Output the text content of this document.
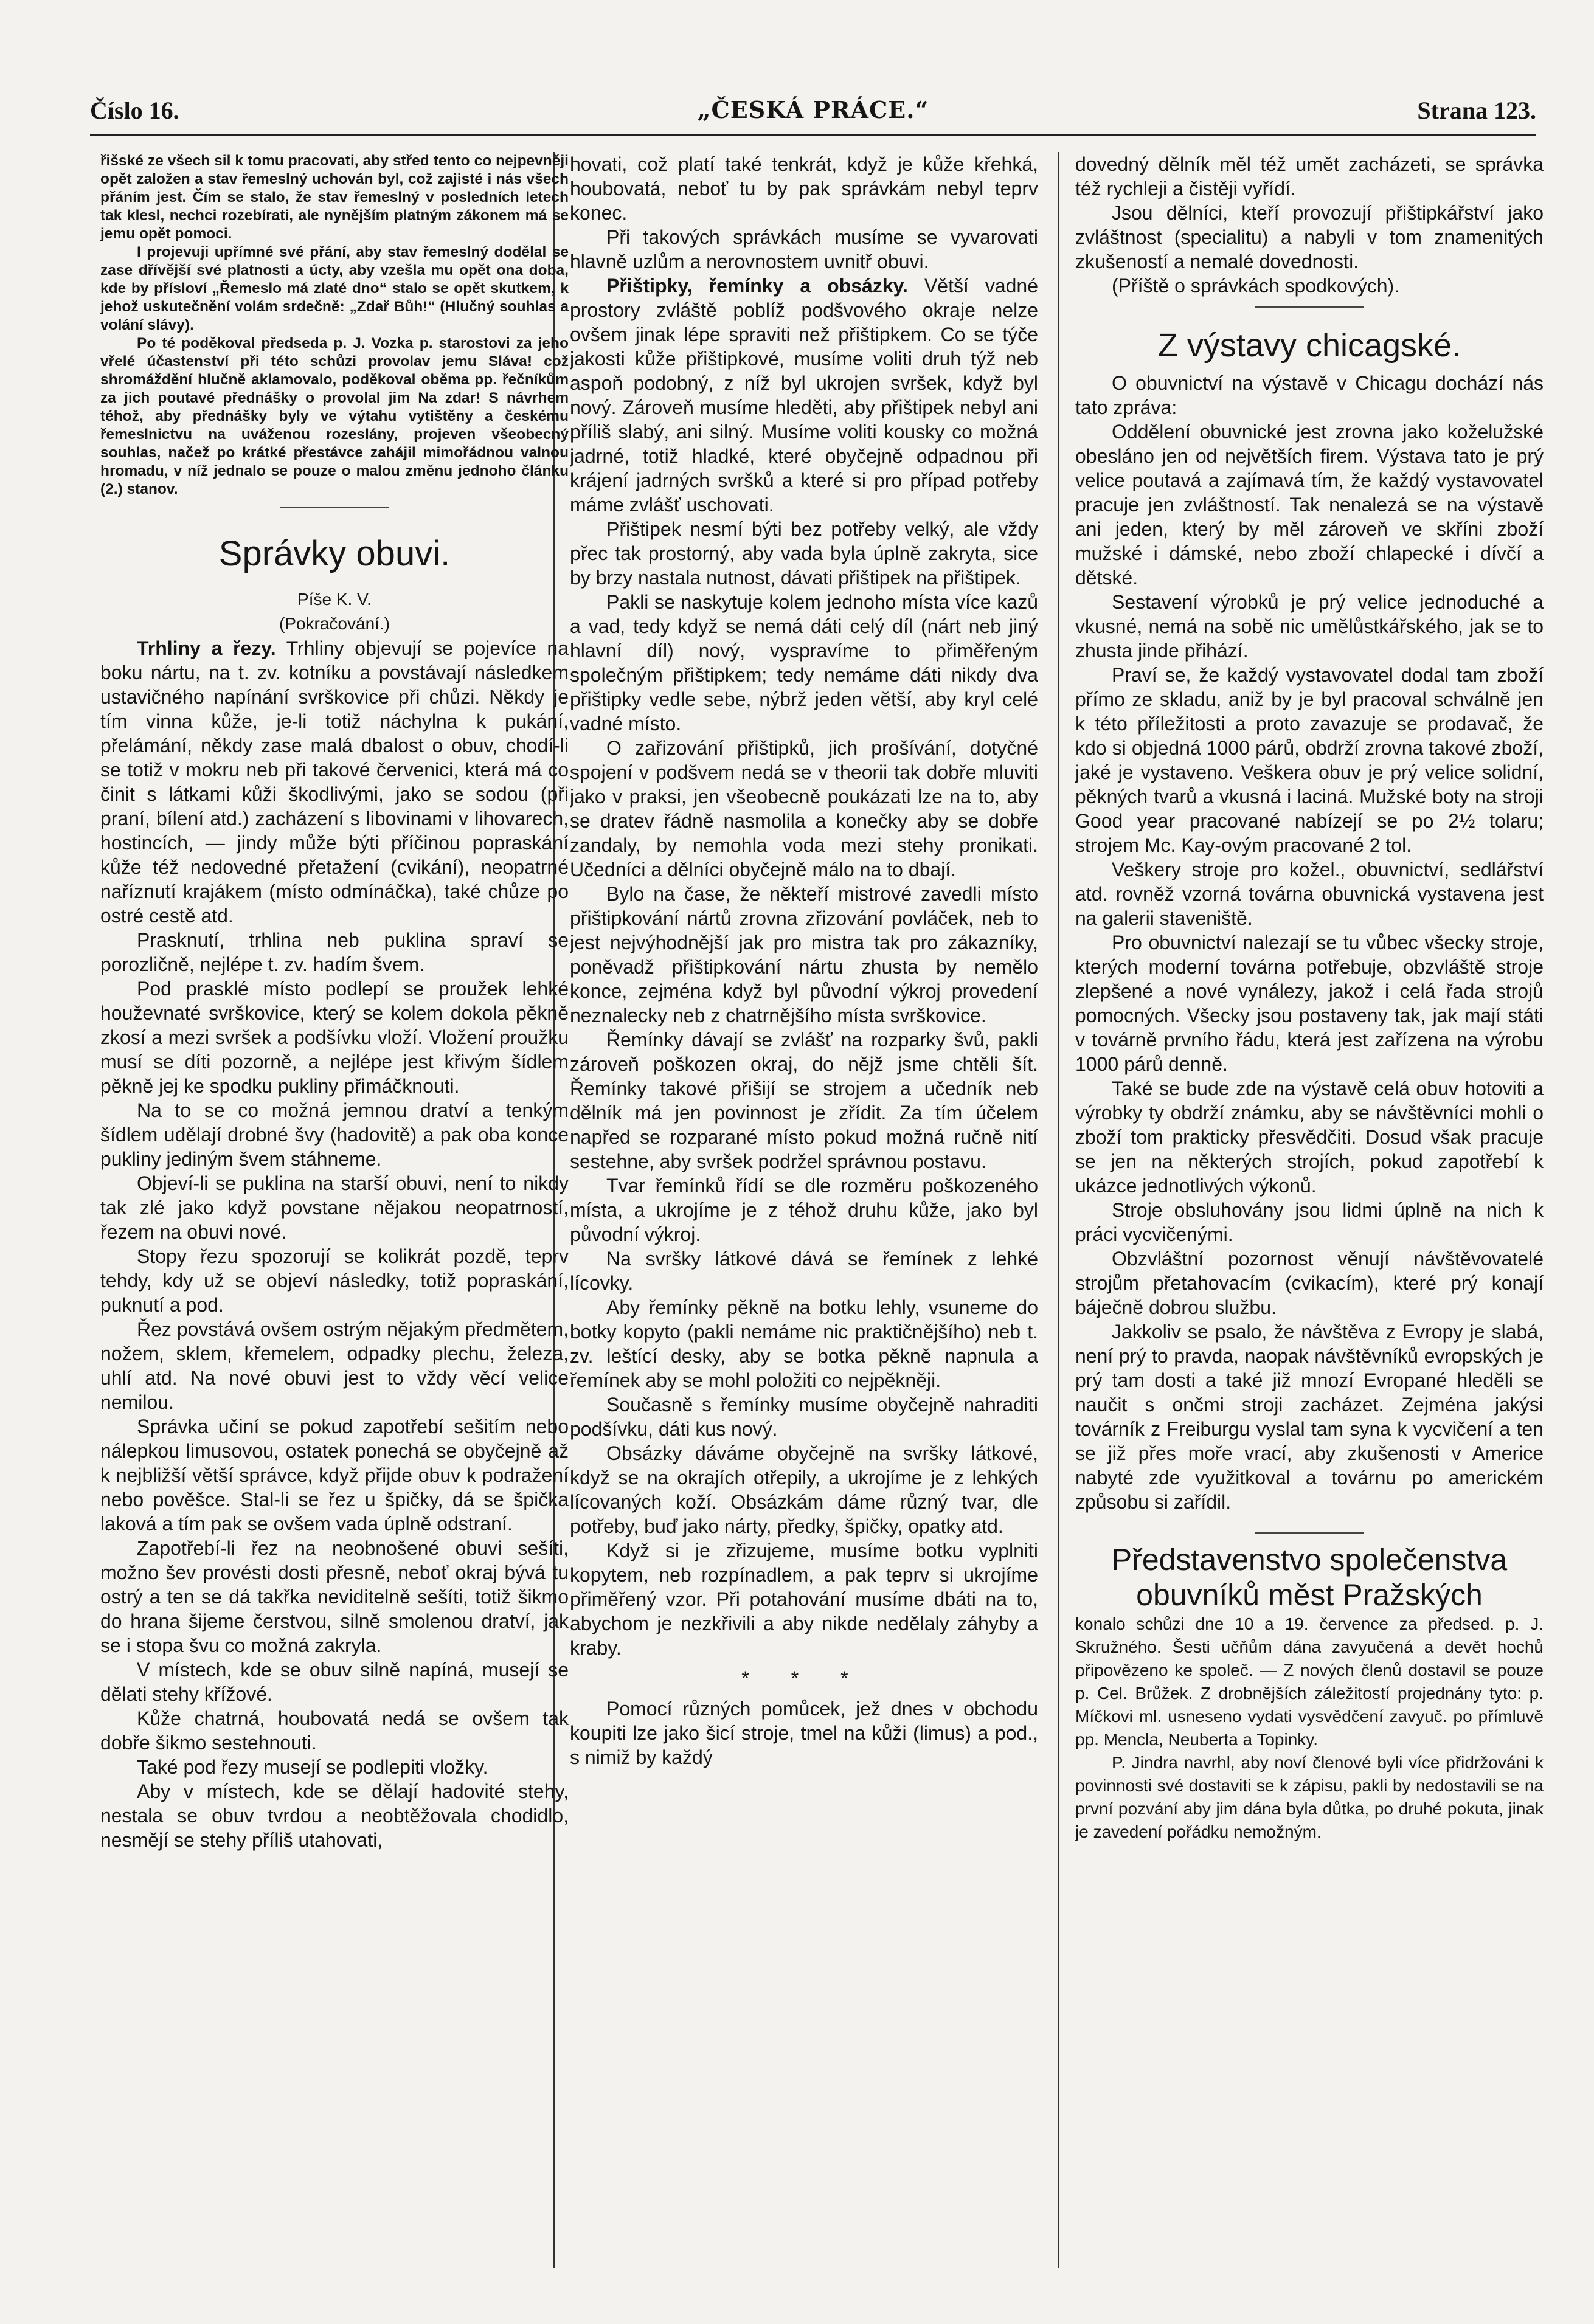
Číslo 16.	„ČESKÁ PRÁCE.“	Strana 123.

řišské ze všech sil k tomu pracovati, aby střed tento co nejpevněji opět založen a stav řemeslný uchován byl, což zajisté i nás všech přáním jest. Čím se stalo, že stav řemeslný v posledních letech tak klesl, nechci rozebírati, ale nynějším platným zákonem má se jemu opět pomoci.

I projevuji upřímné své přání, aby stav řemeslný dodělal se zase dřívější své platnosti a úcty, aby vzešla mu opět ona doba, kde by přísloví „Řemeslo má zlaté dno“ stalo se opět skutkem, k jehož uskutečnění volám srdečně: „Zdař Bůh!“ (Hlučný souhlas a volání slávy).

Po té poděkoval předseda p. J. Vozka p. starostovi za jeho vřelé účastenství při této schůzi provolav jemu Sláva! což shromáždění hlučně aklamovalo, poděkoval oběma pp. řečníkům za jich poutavé přednášky o provolal jim Na zdar! S návrhem téhož, aby přednášky byly ve výtahu vytištěny a českému řemeslnictvu na uváženou rozeslány, projeven všeobecný souhlas, načež po krátké přestávce zahájil mimořádnou valnou hromadu, v níž jednalo se pouze o malou změnu jednoho článku (2.) stanov.

Správky obuvi.
Píše K. V.
(Pokračování.)

Trhliny a řezy. Trhliny objevují se pojevíce na boku nártu, na t. zv. kotníku a povstávají následkem ustavičného napínání svrškovice při chůzi. Někdy je tím vinna kůže, je-li totiž náchylna k pukání, přelámání, někdy zase malá dbalost o obuv, chodí-li se totiž v mokru neb při takové červenici, která má co činit s látkami kůži škodlivými, jako se sodou (při praní, bílení atd.) zacházení s libovinami v lihovarech, hostincích, — jindy může býti příčinou popraskání kůže též nedovedné přetažení (cvikání), neopatrné naříznutí krajákem (místo odmínáčka), také chůze po ostré cestě atd.

Prasknutí, trhlina neb puklina spraví se porozličně, nejlépe t. zv. hadím švem.

Pod prasklé místo podlepí se proužek lehké houževnaté svrškovice, který se kolem dokola pěkně zkosí a mezi svršek a podšívku vloží. Vložení proužku musí se díti pozorně, a nejlépe jest křivým šídlem pěkně jej ke spodku pukliny přimáčknouti.

Na to se co možná jemnou dratví a tenkým šídlem udělají drobné švy (hadovitě) a pak oba konce pukliny jediným švem stáhneme.

Objeví-li se puklina na starší obuvi, není to nikdy tak zlé jako když povstane nějakou neopatrností, řezem na obuvi nové.

Stopy řezu spozorují se kolikrát pozdě, teprv tehdy, kdy už se objeví následky, totiž popraskání, puknutí a pod.

Řez povstává ovšem ostrým nějakým předmětem, nožem, sklem, křemelem, odpadky plechu, železa, uhlí atd. Na nové obuvi jest to vždy věcí velice nemilou.

Správka učiní se pokud zapotřebí sešitím nebo nálepkou limusovou, ostatek ponechá se obyčejně až k nejbližší větší správce, když přijde obuv k podražení nebo pověšce. Stal-li se řez u špičky, dá se špička laková a tím pak se ovšem vada úplně odstraní.

Zapotřebí-li řez na neobnošené obuvi sešíti, možno šev provésti dosti přesně, neboť okraj bývá tu ostrý a ten se dá takřka neviditelně sešíti, totiž šikmo do hrana šijeme čerstvou, silně smolenou dratví, jak se i stopa švu co možná zakryla.

V místech, kde se obuv silně napíná, musejí se dělati stehy křížové.

Kůže chatrná, houbovatá nedá se ovšem tak dobře šikmo sestehnouti.

Také pod řezy musejí se podlepiti vložky.

Aby v místech, kde se dělají hadovité stehy, nestala se obuv tvrdou a neobtěžovala chodidlo, nesmějí se stehy příliš utahovati,

hovati, což platí také tenkrát, když je kůže křehká, houbovatá, neboť tu by pak správkám nebyl teprv konec.

Při takových správkách musíme se vyvarovati hlavně uzlům a nerovnostem uvnitř obuvi.

Přištipky, řemínky a obsázky. Větší vadné prostory zvláště poblíž podšvového okraje nelze ovšem jinak lépe spraviti než přištipkem. Co se týče jakosti kůže přištipkové, musíme voliti druh týž neb aspoň podobný, z níž byl ukrojen svršek, když byl nový. Zároveň musíme hleděti, aby přištipek nebyl ani příliš slabý, ani silný. Musíme voliti kousky co možná jadrné, totiž hladké, které obyčejně odpadnou při krájení jadrných svršků a které si pro případ potřeby máme zvlášť uschovati.

Přištipek nesmí býti bez potřeby velký, ale vždy přec tak prostorný, aby vada byla úplně zakryta, sice by brzy nastala nutnost, dávati přištipek na přištipek.

Pakli se naskytuje kolem jednoho místa více kazů a vad, tedy když se nemá dáti celý díl (nárt neb jiný hlavní díl) nový, vyspravíme to přiměřeným společným přištipkem; tedy nemáme dáti nikdy dva přištipky vedle sebe, nýbrž jeden větší, aby kryl celé vadné místo.

O zařizování přištipků, jich prošívání, dotyčné spojení v podšvem nedá se v theorii tak dobře mluviti jako v praksi, jen všeobecně poukázati lze na to, aby se dratev řádně nasmolila a konečky aby se dobře zandaly, by nemohla voda mezi stehy pronikati. Učedníci a dělníci obyčejně málo na to dbají.

Bylo na čase, že někteří mistrové zavedli místo přištipkování nártů zrovna zřizování povláček, neb to jest nejvýhodnější jak pro mistra tak pro zákazníky, poněvadž přištipkování nártu zhusta by nemělo konce, zejména když byl původní výkroj provedení neznalecky neb z chatrnějšího místa svrškovice.

Řemínky dávají se zvlášť na rozparky švů, pakli zároveň poškozen okraj, do nějž jsme chtěli šít. Řemínky takové přišijí se strojem a učedník neb dělník má jen povinnost je zřídit. Za tím účelem napřed se rozparané místo pokud možná ručně nití sestehne, aby svršek podržel správnou postavu.

Tvar řemínků řídí se dle rozměru poškozeného místa, a ukrojíme je z téhož druhu kůže, jako byl původní výkroj.

Na svršky látkové dává se řemínek z lehké lícovky.

Aby řemínky pěkně na botku lehly, vsuneme do botky kopyto (pakli nemáme nic praktičnějšího) neb t. zv. leštící desky, aby se botka pěkně napnula a řemínek aby se mohl položiti co nejpěkněji.

Současně s řemínky musíme obyčejně nahraditi podšívku, dáti kus nový.

Obsázky dáváme obyčejně na svršky látkové, když se na okrajích otřepily, a ukrojíme je z lehkých lícovaných koží. Obsázkám dáme různý tvar, dle potřeby, buď jako nárty, předky, špičky, opatky atd.

Když si je zřizujeme, musíme botku vyplniti kopytem, neb rozpínadlem, a pak teprv si ukrojíme přiměřený vzor. Při potahování musíme dbáti na to, abychom je nezkřivili a aby nikde nedělaly záhyby a kraby.

* * *

Pomocí různých pomůcek, jež dnes v obchodu koupiti lze jako šicí stroje, tmel na kůži (limus) a pod., s nimiž by každý

dovedný dělník měl též umět zacházeti, se správka též rychleji a čistěji vyřídí.

Jsou dělníci, kteří provozují přištipkářství jako zvláštnost (specialitu) a nabyli v tom znamenitých zkušeností a nemalé dovednosti.

(Příště o správkách spodkových).

Z výstavy chicagské.

O obuvnictví na výstavě v Chicagu dochází nás tato zpráva:

Oddělení obuvnické jest zrovna jako koželužské obesláno jen od největších firem. Výstava tato je prý velice poutavá a zajímavá tím, že každý vystavovatel pracuje jen zvláštností. Tak nenalezá se na výstavě ani jeden, který by měl zároveň ve skříni zboží mužské i dámské, nebo zboží chlapecké i dívčí a dětské.

Sestavení výrobků je prý velice jednoduché a vkusné, nemá na sobě nic umělůstkářského, jak se to zhusta jinde přihází.

Praví se, že každý vystavovatel dodal tam zboží přímo ze skladu, aniž by je byl pracoval schválně jen k této příležitosti a proto zavazuje se prodavač, že kdo si objedná 1000 párů, obdrží zrovna takové zboží, jaké je vystaveno. Veškera obuv je prý velice solidní, pěkných tvarů a vkusná i laciná. Mužské boty na stroji Good year pracované nabízejí se po 2½ tolaru; strojem Mc. Kay-ovým pracované 2 tol.

Veškery stroje pro kožel., obuvnictví, sedlářství atd. rovněž vzorná továrna obuvnická vystavena jest na galerii staveniště.

Pro obuvnictví nalezají se tu vůbec všecky stroje, kterých moderní továrna potřebuje, obzvláště stroje zlepšené a nové vynálezy, jakož i celá řada strojů pomocných. Všecky jsou postaveny tak, jak mají státi v továrně prvního řádu, která jest zařízena na výrobu 1000 párů denně.

Také se bude zde na výstavě celá obuv hotoviti a výrobky ty obdrží známku, aby se návštěvníci mohli o zboží tom prakticky přesvědčiti. Dosud však pracuje se jen na některých strojích, pokud zapotřebí k ukázce jednotlivých výkonů.

Stroje obsluhovány jsou lidmi úplně na nich k práci vycvičenými.

Obzvláštní pozornost věnují návštěvovatelé strojům přetahovacím (cvikacím), které prý konají báječně dobrou službu.

Jakkoliv se psalo, že návštěva z Evropy je slabá, není prý to pravda, naopak návštěvníků evropských je prý tam dosti a také již mnozí Evropané hleděli se naučit s ončmi stroji zacházet. Zejména jakýsi továrník z Freiburgu vyslal tam syna k vycvičení a ten se již přes moře vrací, aby zkušenosti v Americe nabyté zde využitkoval a továrnu po americkém způsobu si zařídil.

Představenstvo společenstva
obuvníků měst Pražských

konalo schůzi dne 10 a 19. července za předsed. p. J. Skružného. Šesti učňům dána zavyučená a devět hochů připovězeno ke společ. — Z nových členů dostavil se pouze p. Cel. Brůžek. Z drobnějších záležitostí projednány tyto: p. Míčkovi ml. usneseno vydati vysvědčení zavyuč. po přímluvě pp. Mencla, Neuberta a Topinky.

P. Jindra navrhl, aby noví členové byli více přidržováni k povinnosti své dostaviti se k zápisu, pakli by nedostavili se na první pozvání aby jim dána byla důtka, po druhé pokuta, jinak je zavedení pořádku nemožným.
